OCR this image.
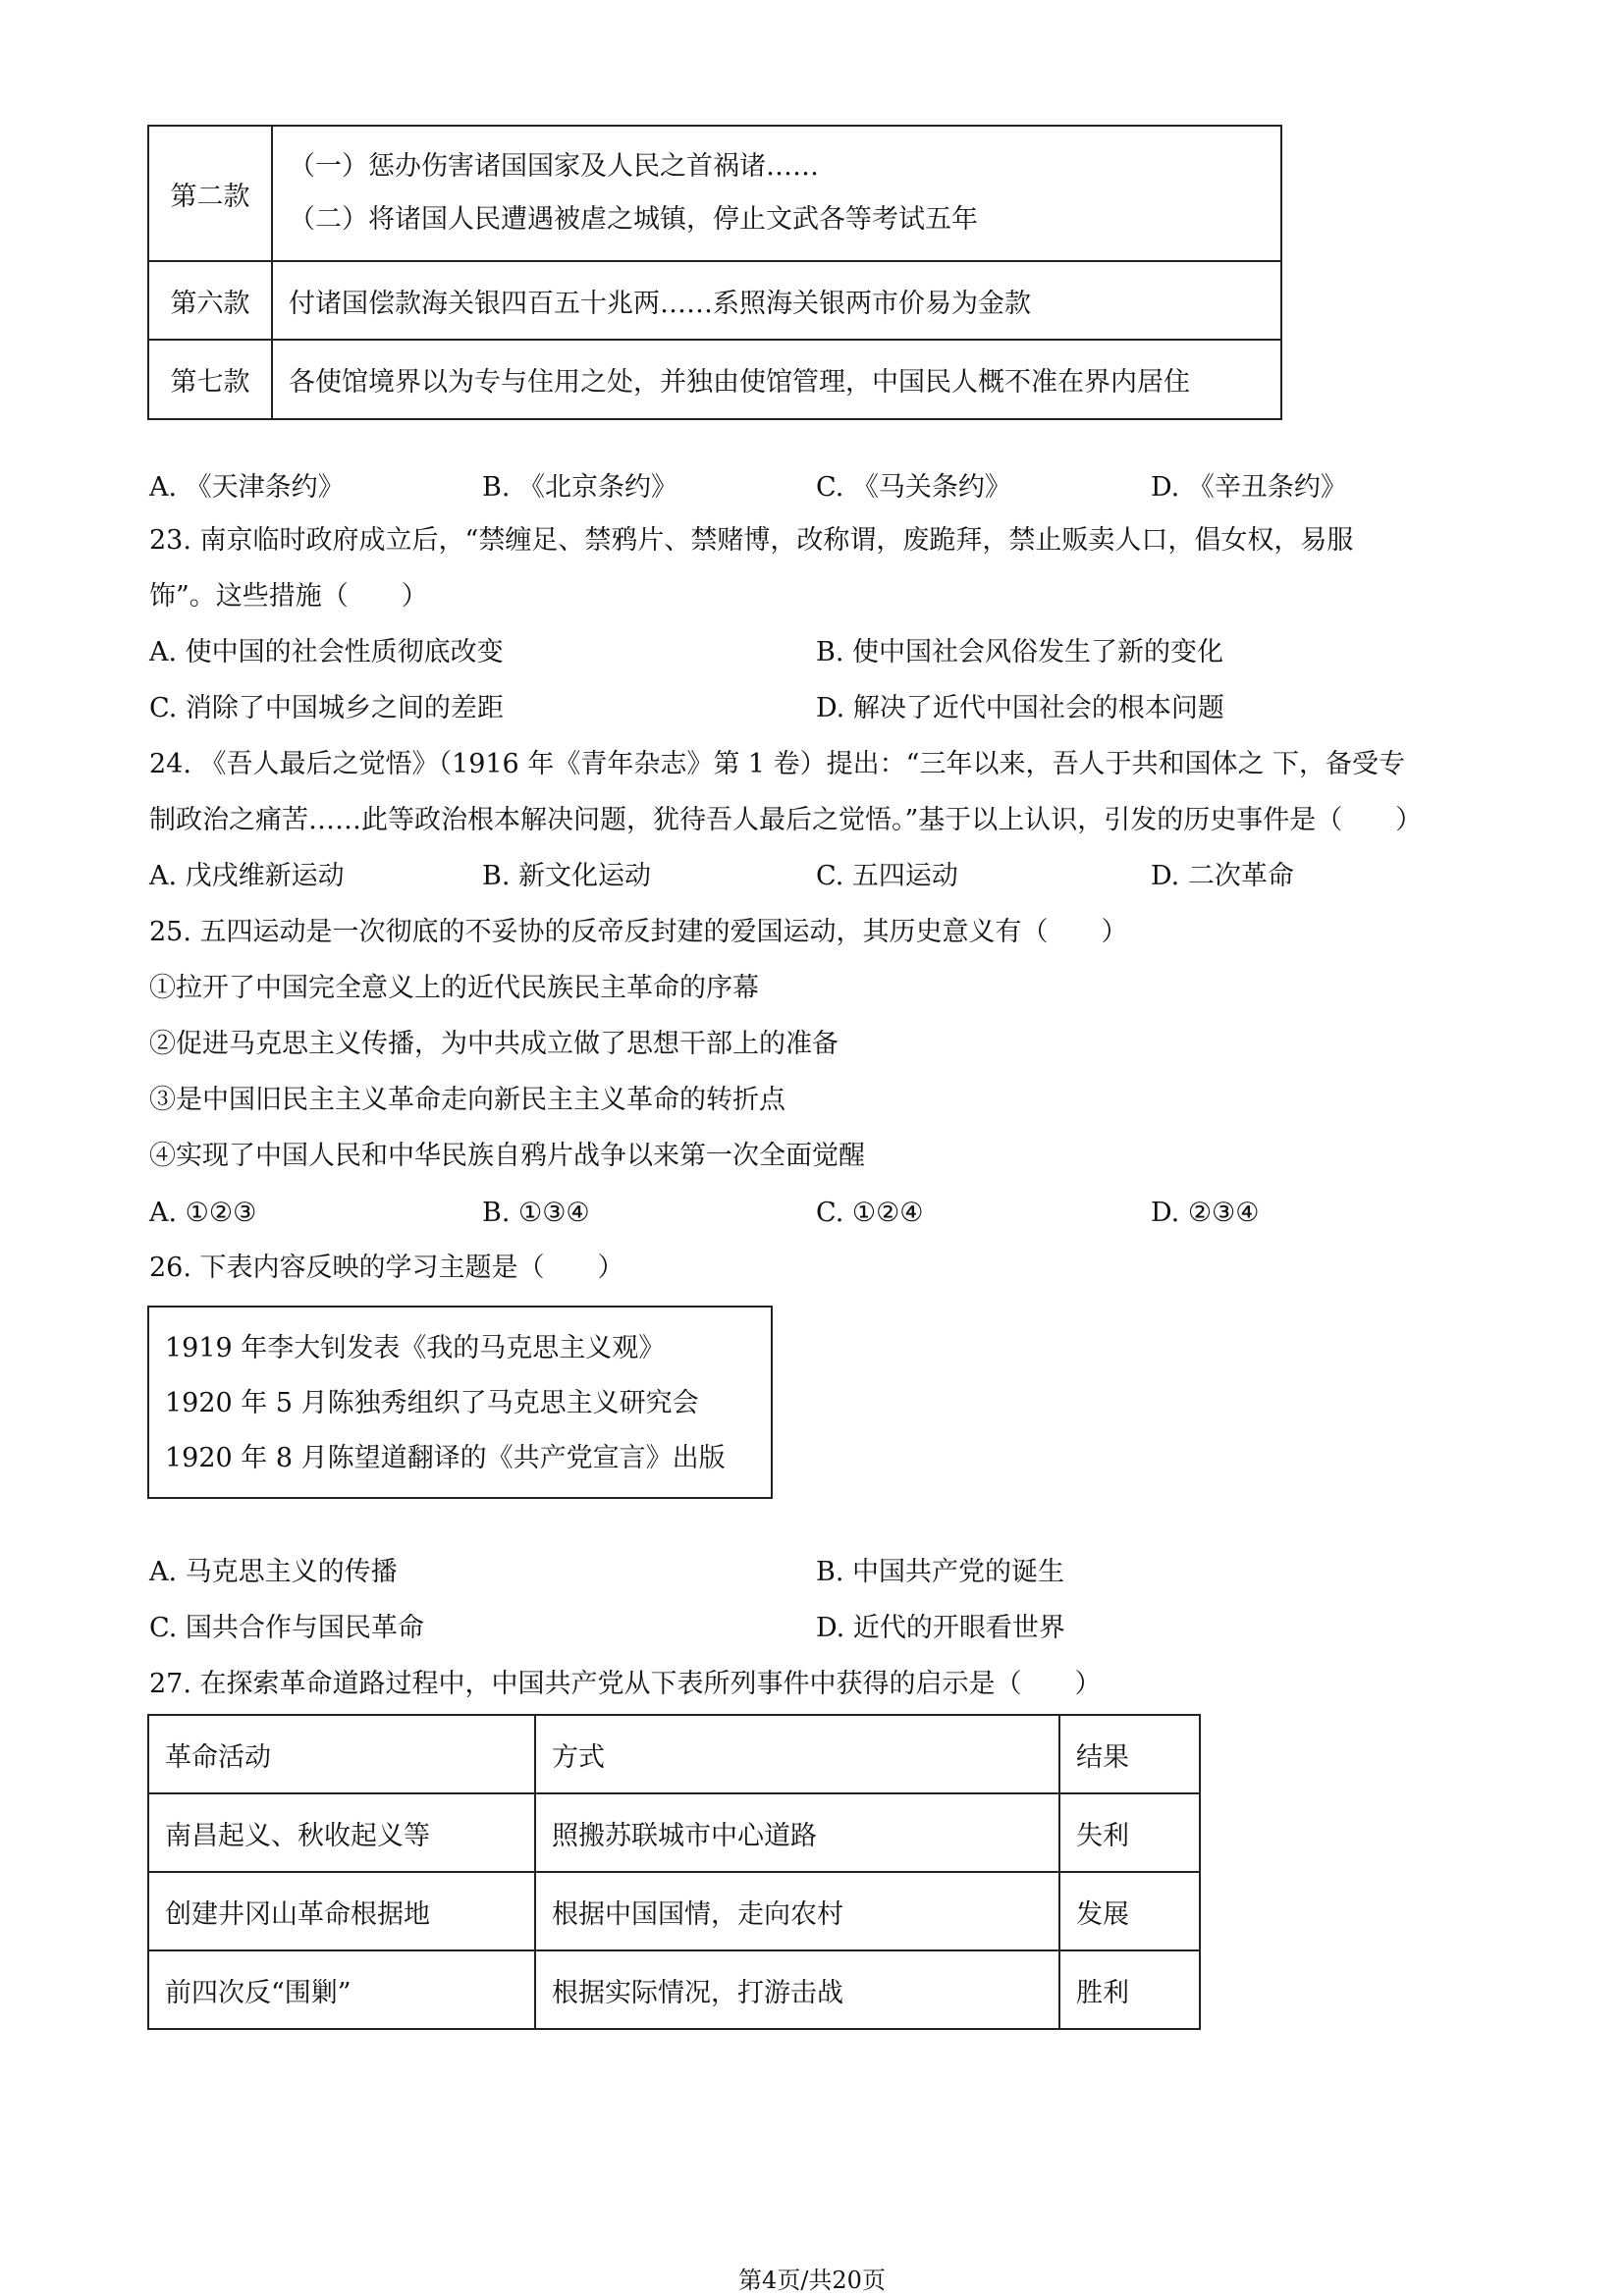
第二款	（一）惩办伤害诸国国家及人民之首祸诸……
（二）将诸国人民遭遇被虐之城镇，停止文武各等考试五年

第六款	付诸国偿款海关银四百五十兆两……系照海关银两市价易为金款
第七款	各使馆境界以为专与住用之处，并独由使馆管理，中国民人概不准在界内居住
A. 《天津条约》	B. 《北京条约》	C. 《马关条约》	D. 《辛丑条约》
23. 南京临时政府成立后，“禁缠足、禁鸦片、禁赌博，改称谓，废跪拜，禁止贩卖人口，倡女权，易服
饰”。这些措施（　　）
A. 使中国的社会性质彻底改变	B. 使中国社会风俗发生了新的变化
C. 消除了中国城乡之间的差距	D. 解决了近代中国社会的根本问题
24. 《吾人最后之觉悟》（1916 年《青年杂志》第 1 卷）提出：“三年以来，吾人于共和国体之 下，备受专
制政治之痛苦……此等政治根本解决问题，犹待吾人最后之觉悟。”基于以上认识，引发的历史事件是（　　）
A. 戊戌维新运动	B. 新文化运动	C. 五四运动	D. 二次革命
25. 五四运动是一次彻底的不妥协的反帝反封建的爱国运动，其历史意义有（　　）
①拉开了中国完全意义上的近代民族民主革命的序幕
②促进马克思主义传播，为中共成立做了思想干部上的准备
③是中国旧民主主义革命走向新民主主义革命的转折点
④实现了中国人民和中华民族自鸦片战争以来第一次全面觉醒
A. ①②③	B. ①③④	C. ①②④	D. ②③④
26. 下表内容反映的学习主题是（　　）
1919 年李大钊发表《我的马克思主义观》
1920 年 5 月陈独秀组织了马克思主义研究会
1920 年 8 月陈望道翻译的《共产党宣言》出版
A. 马克思主义的传播	B. 中国共产党的诞生
C. 国共合作与国民革命	D. 近代的开眼看世界
27. 在探索革命道路过程中，中国共产党从下表所列事件中获得的启示是（　　）
革命活动	方式	结果
南昌起义、秋收起义等	照搬苏联城市中心道路	失利
创建井冈山革命根据地	根据中国国情，走向农村	发展
前四次反“围剿”	根据实际情况，打游击战	胜利
第4页/共20页
